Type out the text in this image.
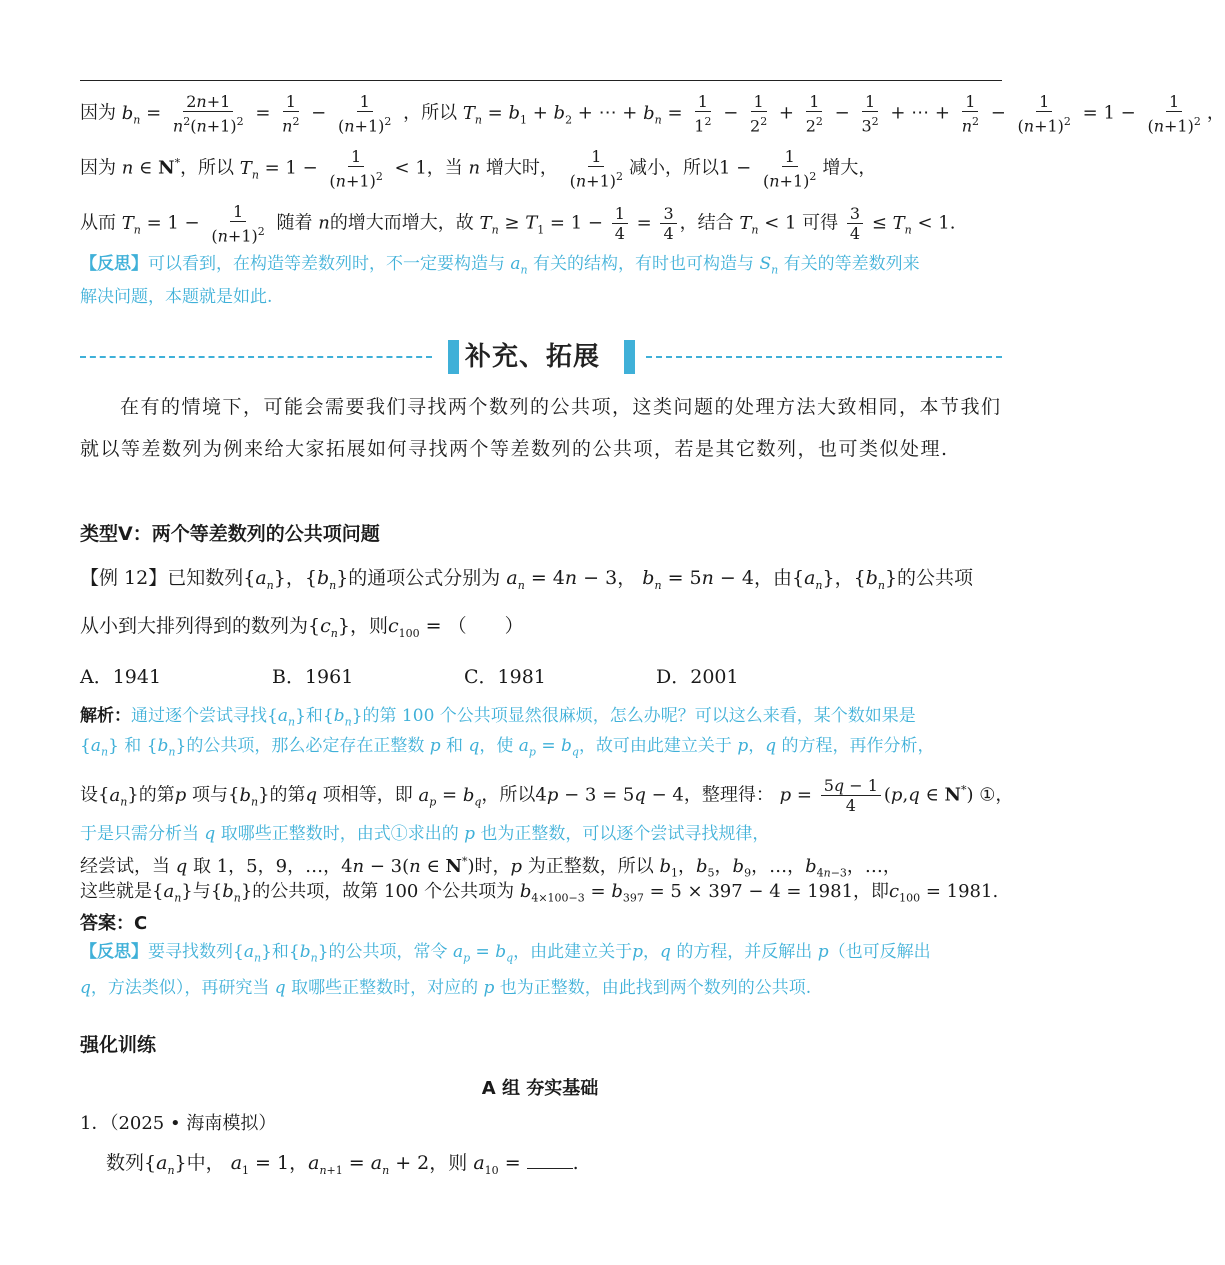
因为 $b_n = \frac{2n+1}{n^2(n+1)^2} = \frac{1}{n^2} - \frac{1}{(n+1)^2}$ ，所以 $T_n = b_1 + b_2$ + ⋯ + $b_n = \frac{1}{1^2} - \frac{1}{2^2} + \frac{1}{2^2} - \frac{1}{3^2}$ + ⋯ + $\frac{1}{n^2} - \frac{1}{(n+1)^2} = 1 - \frac{1}{(n+1)^2}$ ，
因为 n ∈ N*，所以 $T_n = 1 - \frac{1}{(n+1)^2} < 1$，当 n 增大时， $\frac{1}{(n+1)^2}$ 减小，所以$1 - \frac{1}{(n+1)^2}$ 增大，
从而 $T_n = 1 - \frac{1}{(n+1)^2}$ 随着 n的增大而增大，故 $T_n \ge T_1 = 1 - \frac{1}{4} = \frac{3}{4}$ ，结合 $T_n < 1$ 可得 $\frac{3}{4} \le T_n < 1$.
【反思】可以看到，在构造等差数列时，不一定要构造与 $a_n$ 有关的结构，有时也可构造与 $S_n$ 有关的等差数列来
解决问题，本题就是如此.
补充、拓展
在有的情境下，可能会需要我们寻找两个数列的公共项，这类问题的处理方法大致相同，本节我们就以等差数列为例来给大家拓展如何寻找两个等差数列的公共项，若是其它数列，也可类似处理.
类型Ⅴ：两个等差数列的公共项问题
【例 12】已知数列$\{a_n\}$，$\{b_n\}$的通项公式分别为 $a_n = 4n - 3$， $b_n = 5n - 4$，由$\{a_n\}$，$\{b_n\}$的公共项
从小到大排列得到的数列为$\{c_n\}$，则$c_{100}$ = （　　）
A．1941	B．1961	C．1981	D．2001
解析：通过逐个尝试寻找$\{a_n\}$和$\{b_n\}$的第 100 个公共项显然很麻烦，怎么办呢？可以这么来看，某个数如果是
$\{a_n\}$ 和 $\{b_n\}$的公共项，那么必定存在正整数 p 和 q，使 $a_p = b_q$，故可由此建立关于 p，q 的方程，再作分析，
设$\{a_n\}$的第p 项与$\{b_n\}$的第q 项相等，即 $a_p = b_q$，所以4p − 3 = 5q − 4，整理得： $p = \frac{5q - 1}{4} (p,q$ ∈ N*) ①，
于是只需分析当 q 取哪些正整数时，由式①求出的 p 也为正整数，可以逐个尝试寻找规律，
经尝试，当 q 取 1，5，9，…，4n − 3(n ∈ N*)时，p 为正整数，所以 $b_1$，$b_5$，$b_9$，…，$b_{4n-3}$，…，
这些就是$\{a_n\}$与$\{b_n\}$的公共项，故第 100 个公共项为 $b_{4\times 100-3} = b_{397} = 5 \times 397 - 4 = 1981$，即$c_{100} = 1981$.
答案：C
【反思】要寻找数列$\{a_n\}$和$\{b_n\}$的公共项，常令 $a_p = b_q$，由此建立关于p，q 的方程，并反解出 p（也可反解出
q，方法类似），再研究当 q 取哪些正整数时，对应的 p 也为正整数，由此找到两个数列的公共项.
强化训练
A 组 夯实基础
1．（2025 • 海南模拟）
数列$\{a_n\}$中， $a_1 = 1$，$a_{n+1} = a_n + 2$，则 $a_{10}$ = .
